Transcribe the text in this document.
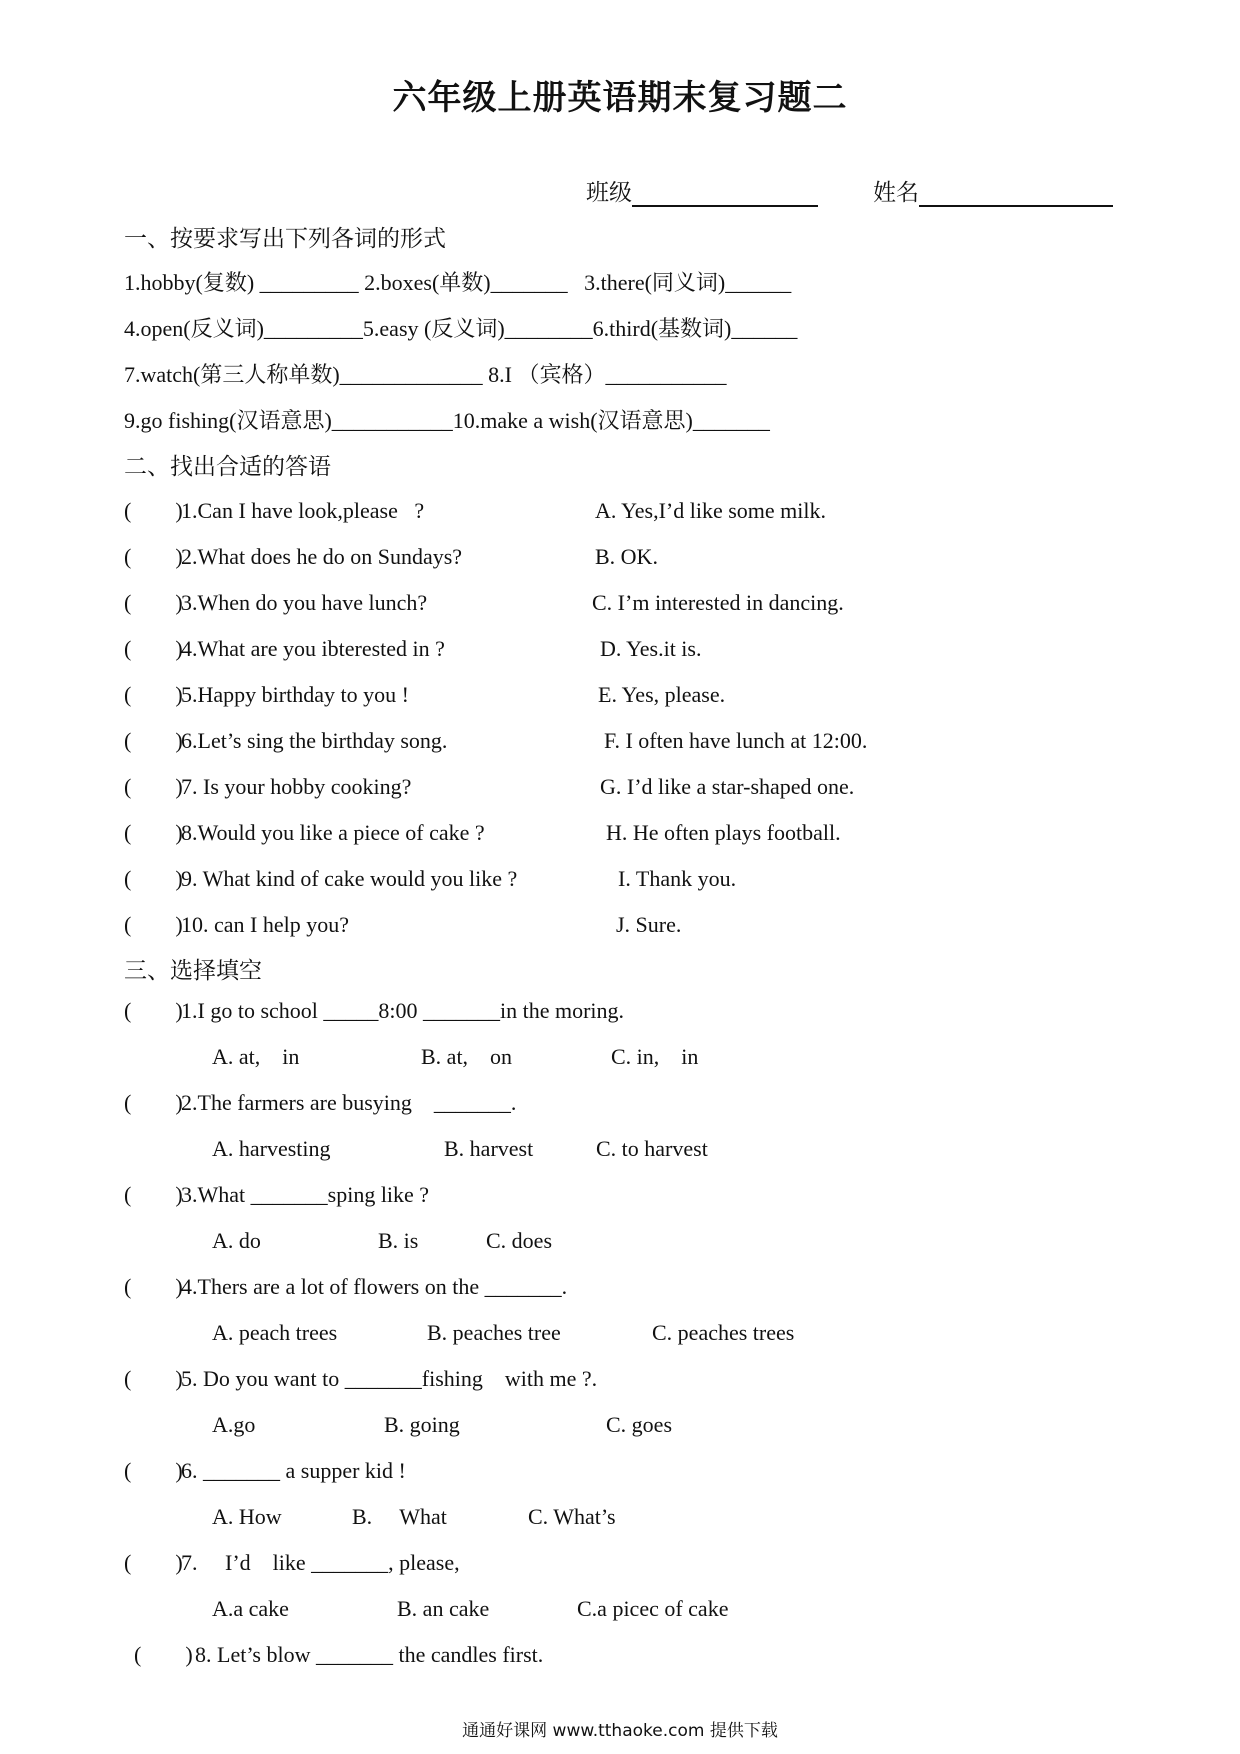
六年级上册英语期末复习题二
班级	姓名
一、按要求写出下列各词的形式
1.hobby(复数) _________ 2.boxes(单数)_______   3.there(同义词)______
4.open(反义词)_________5.easy (反义词)________6.third(基数词)______
7.watch(第三人称单数)_____________ 8.I （宾格）___________
9.go fishing(汉语意思)___________10.make a wish(汉语意思)_______
二、找出合适的答语
(        )
1.Can I have look,please   ?	A. Yes,I’d like some milk.
(        )
2.What does he do on Sundays?	B. OK.
(        )
3.When do you have lunch?	C. I’m interested in dancing.
(        )
4.What are you ibterested in ?	D. Yes.it is.
(        )
5.Happy birthday to you !	E. Yes, please.
(        )
6.Let’s sing the birthday song.	F. I often have lunch at 12:00.
(        )
7. Is your hobby cooking?	G. I’d like a star-shaped one.
(        )
8.Would you like a piece of cake ?	H. He often plays football.
(        )
9. What kind of cake would you like ?	I. Thank you.
(        )
10. can I help you?	J. Sure.
三、选择填空
(        )
1.I go to school _____8:00 _______in the moring.
A. at,    in	B. at,    on	C. in,    in
(        )
2.The farmers are busying    _______.
A. harvesting	B. harvest	C. to harvest
(        )
3.What _______sping like ?
A. do	B. is	C. does
(        )
4.Thers are a lot of flowers on the _______.
A. peach trees	B. peaches tree	C. peaches trees
(        )
5. Do you want to _______fishing    with me ?.
A.go	B. going	C. goes
(        )
6. _______ a supper kid !
A. How	B.     What	C. What’s
(        )
7.     I’d    like _______, please,
A.a cake	B. an cake	C.a picec of cake
(        ) 8. Let’s blow _______ the candles first.
通通好课网 www.tthaoke.com 提供下载
